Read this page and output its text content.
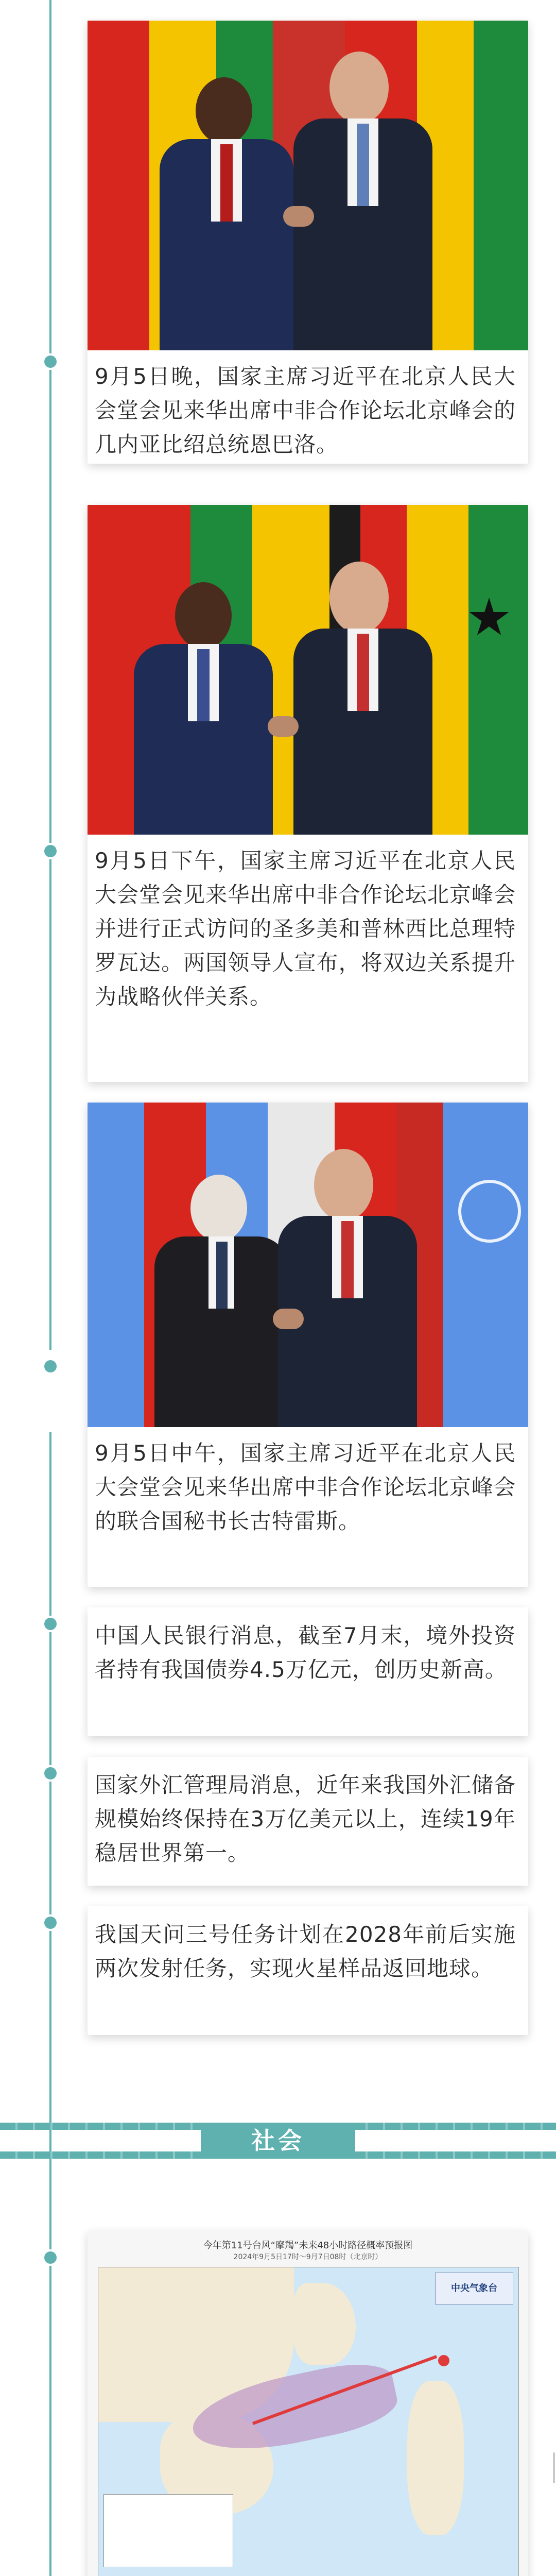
9月5日晚，国家主席习近平在北京人民大会堂会见来华出席中非合作论坛北京峰会的几内亚比绍总统恩巴洛。
9月5日下午，国家主席习近平在北京人民大会堂会见来华出席中非合作论坛北京峰会并进行正式访问的圣多美和普林西比总理特罗瓦达。两国领导人宣布，将双边关系提升为战略伙伴关系。
9月5日中午，国家主席习近平在北京人民大会堂会见来华出席中非合作论坛北京峰会的联合国秘书长古特雷斯。
中国人民银行消息，截至7月末，境外投资者持有我国债券4.5万亿元，创历史新高。
国家外汇管理局消息，近年来我国外汇储备规模始终保持在3万亿美元以上，连续19年稳居世界第一。
我国天问三号任务计划在2028年前后实施两次发射任务，实现火星样品返回地球。
社会
今年第11号台风“摩羯”未来48小时路径概率预报图
2024年9月5日17时～9月7日08时（北京时）
中央气象台
